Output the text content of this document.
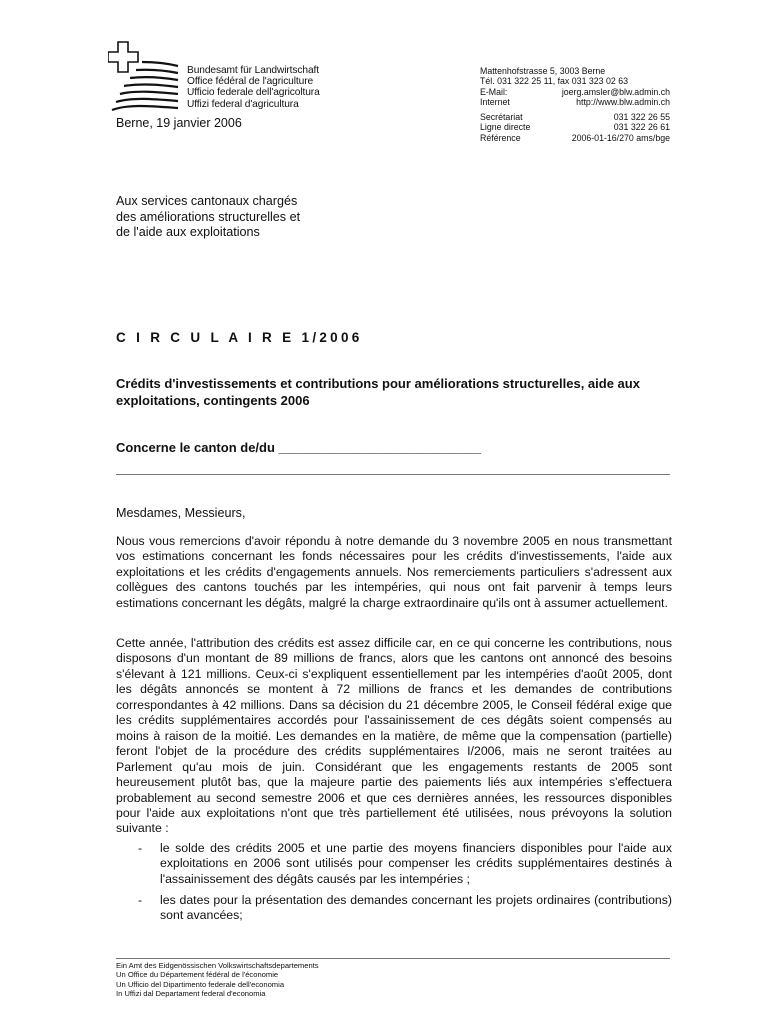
Bundesamt für Landwirtschaft
Office fédéral de l'agriculture
Ufficio federale dell'agricoltura
Uffizi federal d'agricultura
Berne, 19 janvier 2006
Mattenhofstrasse 5, 3003 Berne
Tél. 031 322 25 11, fax 031 323 02 63
E-Mail:	joerg.amsler@blw.admin.ch
Internet	http://www.blw.admin.ch
Secrétariat	031 322 26 55
Ligne directe	031 322 26 61
Référence	2006-01-16/270 ams/bge
Aux services cantonaux chargés
des améliorations structurelles et
de l'aide aux exploitations
C I R C U L A I R E 1/2006
Crédits d'investissements et contributions pour améliorations structurelles, aide aux exploitations, contingents 2006
Concerne le canton de/du ____________________________
Mesdames, Messieurs,
Nous vous remercions d'avoir répondu à notre demande du 3 novembre 2005 en nous transmettant vos estimations concernant les fonds nécessaires pour les crédits d'investissements, l'aide aux exploitations et les crédits d'engagements annuels. Nos remerciements particuliers s'adressent aux collègues des cantons touchés par les intempéries, qui nous ont fait parvenir à temps leurs estimations concernant les dégâts, malgré la charge extraordinaire qu'ils ont à assumer actuellement.
Cette année, l'attribution des crédits est assez difficile car, en ce qui concerne les contributions, nous disposons d'un montant de 89 millions de francs, alors que les cantons ont annoncé des besoins s'élevant à 121 millions. Ceux-ci s'expliquent essentiellement par les intempéries d'août 2005, dont les dégâts annoncés se montent à 72 millions de francs et les demandes de contributions correspondantes à 42 millions. Dans sa décision du 21 décembre 2005, le Conseil fédéral exige que les crédits supplémentaires accordés pour l'assainissement de ces dégâts soient compensés au moins à raison de la moitié. Les demandes en la matière, de même que la compensation (partielle) feront l'objet de la procédure des crédits supplémentaires I/2006, mais ne seront traitées au Parlement qu'au mois de juin. Considérant que les engagements restants de 2005 sont heureusement plutôt bas, que la majeure partie des paiements liés aux intempéries s'effectuera probablement au second semestre 2006 et que ces dernières années, les ressources disponibles pour l'aide aux exploitations n'ont que très partiellement été utilisées, nous prévoyons la solution suivante :
-	le solde des crédits 2005 et une partie des moyens financiers disponibles pour l'aide aux exploitations en 2006 sont utilisés pour compenser les crédits supplémentaires destinés à l'assainissement des dégâts causés par les intempéries ;
-	les dates pour la présentation des demandes concernant les projets ordinaires (contributions) sont avancées;
Ein Amt des Eidgenössischen Volkswirtschaftsdepartements
Un Office du Département fédéral de l'économie
Un Ufficio del Dipartimento federale dell'economia
In Uffizi dal Departament federal d'economia
